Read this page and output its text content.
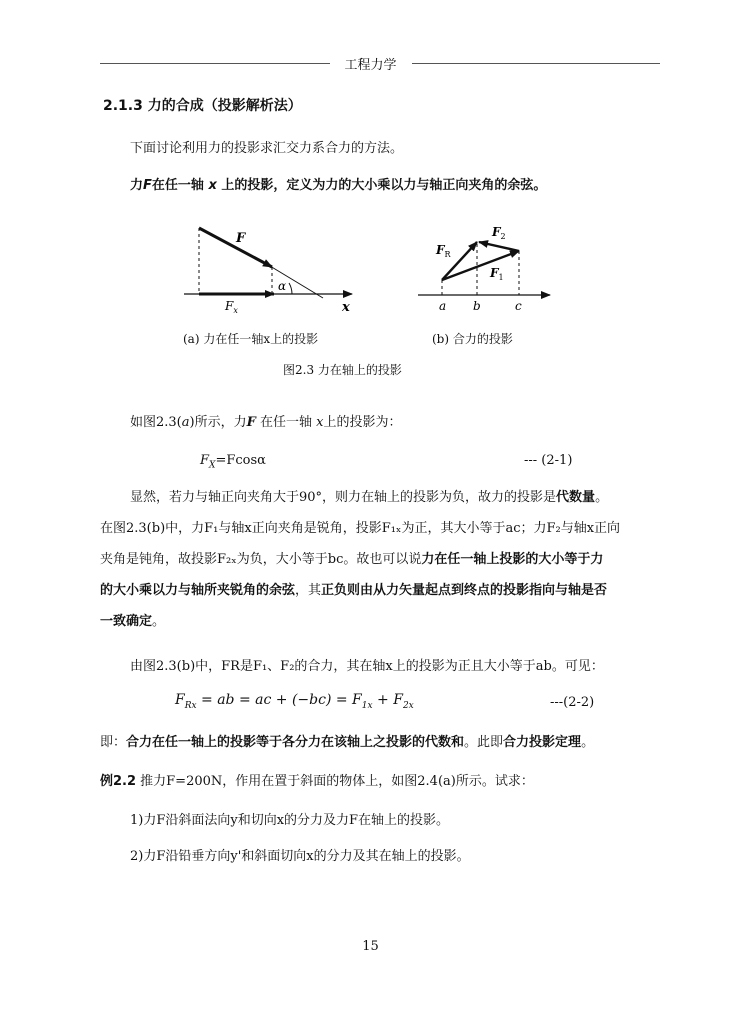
工程力学
2.1.3 力的合成（投影解析法）
下面讨论利用力的投影求汇交力系合力的方法。
力F在任一轴 x 上的投影，定义为力的大小乘以力与轴正向夹角的余弦。
F
α
$F_x$	x
$F_2$
$F_R$
$F_1$
a b	c
(a) 力在任一轴x上的投影	(b) 合力的投影
图2.3 力在轴上的投影
如图2.3(a)所示，力F 在任一轴 x上的投影为：
$F_X=Fcos\alpha$	--- (2-1)
显然，若力与轴正向夹角大于90°，则力在轴上的投影为负，故力的投影是代数量。
在图2.3(b)中，力F₁与轴x正向夹角是锐角，投影F₁ₓ为正，其大小等于ac；力F₂与轴x正向
夹角是钝角，故投影F₂ₓ为负，大小等于bc。故也可以说力在任一轴上投影的大小等于力
的大小乘以力与轴所夹锐角的余弦，其正负则由从力矢量起点到终点的投影指向与轴是否
一致确定。
由图2.3(b)中，FR是F₁、F₂的合力，其在轴x上的投影为正且大小等于ab。可见：
$F_{Rx}$ = ab = ac + $(-bc) = F_{1x} + F_{2x}$	---(2-2)
即：合力在任一轴上的投影等于各分力在该轴上之投影的代数和。此即合力投影定理。
例2.2 推力F=200N，作用在置于斜面的物体上，如图2.4(a)所示。试求：
1)力F沿斜面法向y和切向x的分力及力F在轴上的投影。
2)力F沿铅垂方向y'和斜面切向x的分力及其在轴上的投影。
15
